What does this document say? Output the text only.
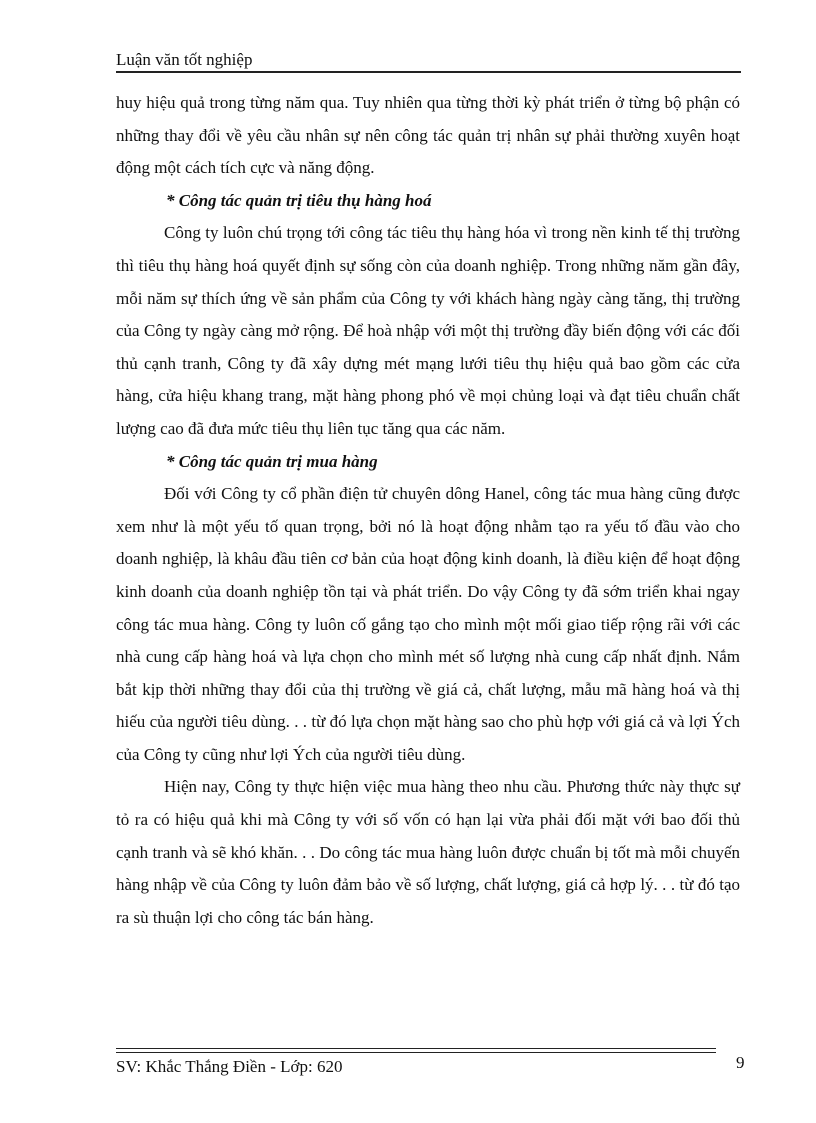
Luận văn tốt nghiệp

huy hiệu quả trong từng năm qua. Tuy nhiên qua từng thời kỳ phát triển ở từng bộ phận có những thay đổi về yêu cầu nhân sự nên công tác quản trị nhân sự phải thường xuyên hoạt động một cách tích cực và năng động.

* Công tác quản trị tiêu thụ hàng hoá

Công ty luôn chú trọng tới công tác tiêu thụ hàng hóa vì trong nền kinh tế thị trường thì tiêu thụ hàng hoá quyết định sự sống còn của doanh nghiệp. Trong những năm gần đây, mỗi năm sự thích ứng về sản phẩm của Công ty với khách hàng ngày càng tăng, thị trường của Công ty ngày càng mở rộng. Để hoà nhập với một thị trường đầy biến động với các đối thủ cạnh tranh, Công ty đã xây dựng mét mạng lưới tiêu thụ hiệu quả bao gồm các cửa hàng, cửa hiệu khang trang, mặt hàng phong phó về mọi chủng loại và đạt tiêu chuẩn chất lượng cao đã đưa mức tiêu thụ liên tục tăng qua các năm.

* Công tác quản trị mua hàng

Đối với Công ty cổ phần điện tử chuyên dông Hanel, công tác mua hàng cũng được xem như là một yếu tố quan trọng, bởi nó là hoạt động nhằm tạo ra yếu tố đầu vào cho doanh nghiệp, là khâu đầu tiên cơ bản của hoạt động kinh doanh, là điều kiện để hoạt động kinh doanh của doanh nghiệp tồn tại và phát triển. Do vậy Công ty đã sớm triển khai ngay công tác mua hàng. Công ty luôn cố gắng tạo cho mình một mối giao tiếp rộng rãi với các nhà cung cấp hàng hoá và lựa chọn cho mình mét số lượng nhà cung cấp nhất định. Nắm bắt kịp thời những thay đổi của thị trường về giá cả, chất lượng, mẫu mã hàng hoá và thị hiếu của người tiêu dùng. . . từ đó lựa chọn mặt hàng sao cho phù hợp với giá cả và lợi Ých của Công ty cũng như lợi Ých của người tiêu dùng.

Hiện nay, Công ty thực hiện việc mua hàng theo nhu cầu. Phương thức này thực sự tỏ ra có hiệu quả khi mà Công ty với số vốn có hạn lại vừa phải đối mặt với bao đối thủ cạnh tranh và sẽ khó khăn. . . Do công tác mua hàng luôn được chuẩn bị tốt mà mỗi chuyến hàng nhập về của Công ty luôn đảm bảo về số lượng, chất lượng, giá cả hợp lý. . . từ đó tạo ra sù thuận lợi cho công tác bán hàng.

SV: Khắc Thắng Điền - Lớp: 620	9
